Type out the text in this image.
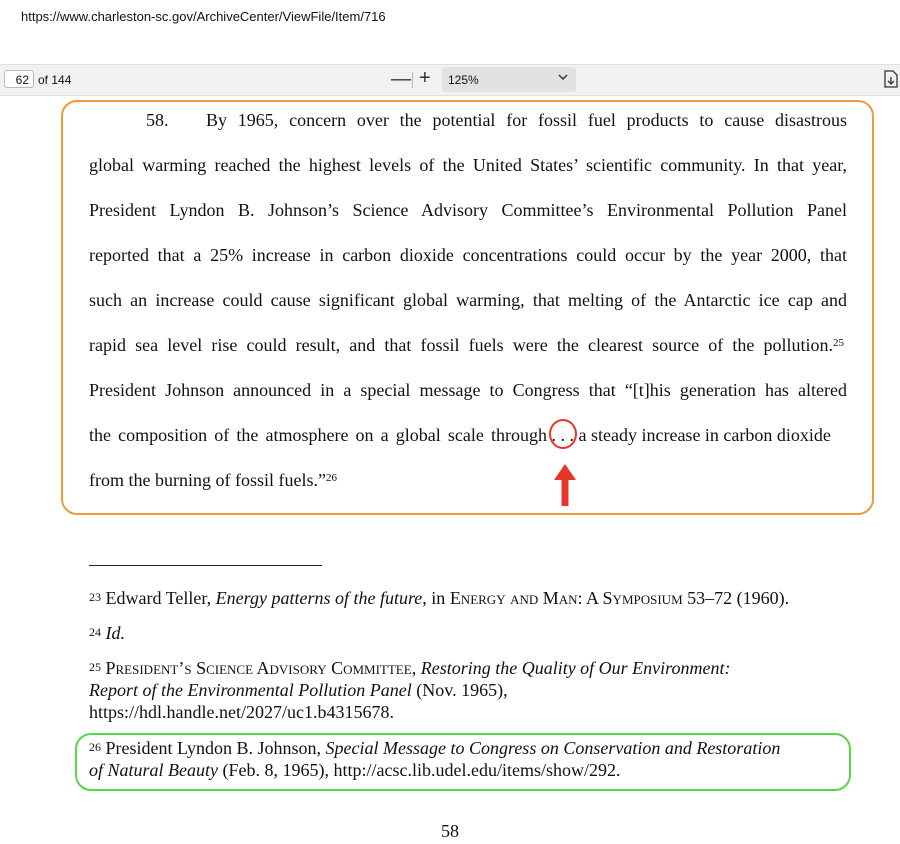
https://www.charleston-sc.gov/ArchiveCenter/ViewFile/Item/716
62 of 144	— + 125%
58. By 1965, concern over the potential for fossil fuel products to cause disastrous
global warming reached the highest levels of the United States’ scientific community. In that year,
President Lyndon B. Johnson’s Science Advisory Committee’s Environmental Pollution Panel
reported that a 25% increase in carbon dioxide concentrations could occur by the year 2000, that
such an increase could cause significant global warming, that melting of the Antarctic ice cap and
rapid sea level rise could result, and that fossil fuels were the clearest source of the pollution.$^{25}$
President Johnson announced in a special message to Congress that “[t]his generation has altered
the composition of the atmosphere on a global scale through . . . a steady increase in carbon dioxide
from the burning of fossil fuels.”$^{26}$
$^{23}$ Edward Teller, Energy patterns of the future, in Energy and Man: A Symposium 53–72 (1960).
$^{24}$ Id.
$^{25}$ President’s Science Advisory Committee, Restoring the Quality of Our Environment:
Report of the Environmental Pollution Panel (Nov. 1965),
https://hdl.handle.net/2027/uc1.b4315678.
$^{26}$ President Lyndon B. Johnson, Special Message to Congress on Conservation and Restoration
of Natural Beauty (Feb. 8, 1965), http://acsc.lib.udel.edu/items/show/292.
58
